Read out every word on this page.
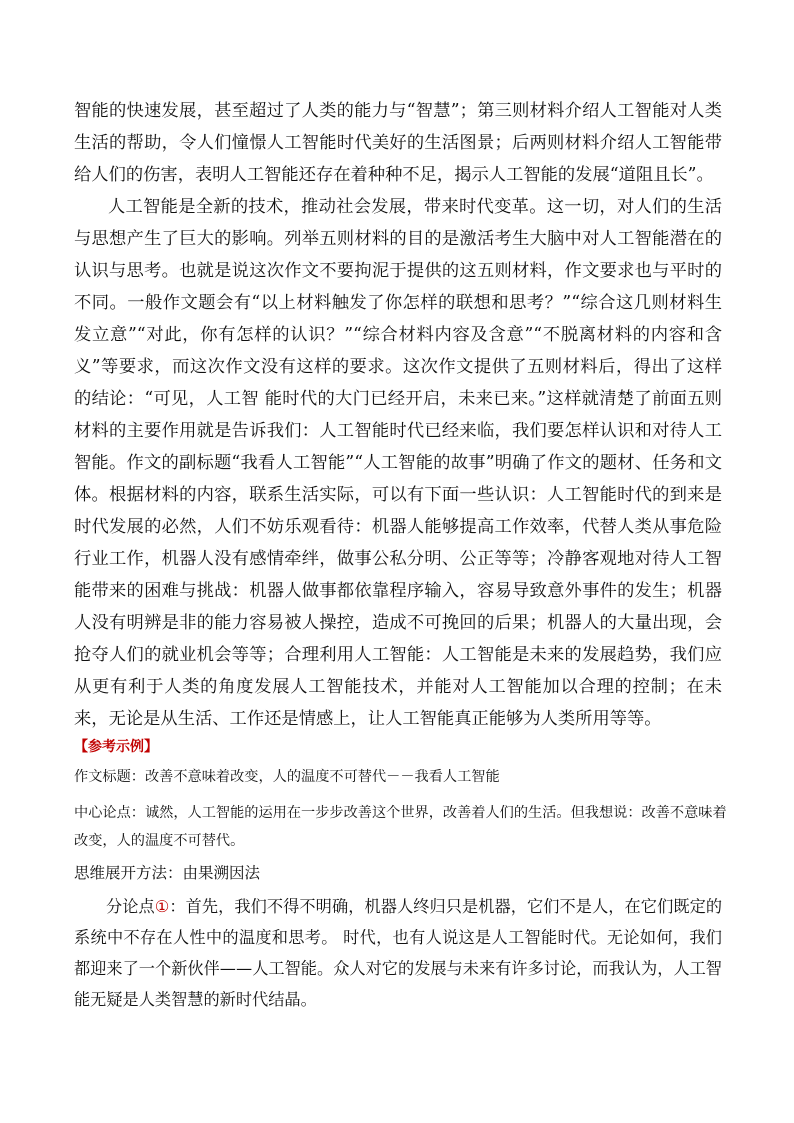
智能的快速发展，甚至超过了人类的能力与“智慧”；第三则材料介绍人工智能对人类生活的帮助，令人们憧憬人工智能时代美好的生活图景；后两则材料介绍人工智能带给人们的伤害，表明人工智能还存在着种种不足，揭示人工智能的发展“道阻且长”。

人工智能是全新的技术，推动社会发展，带来时代变革。这一切，对人们的生活与思想产生了巨大的影响。列举五则材料的目的是激活考生大脑中对人工智能潜在的认识与思考。也就是说这次作文不要拘泥于提供的这五则材料，作文要求也与平时的不同。一般作文题会有“以上材料触发了你怎样的联想和思考？”“综合这几则材料生发立意”“对此，你有怎样的认识？”“综合材料内容及含意”“不脱离材料的内容和含义”等要求，而这次作文没有这样的要求。这次作文提供了五则材料后，得出了这样的结论：“可见，人工智 能时代的大门已经开启，未来已来。”这样就清楚了前面五则材料的主要作用就是告诉我们：人工智能时代已经来临，我们要怎样认识和对待人工智能。作文的副标题“我看人工智能”“人工智能的故事”明确了作文的题材、任务和文体。根据材料的内容，联系生活实际，可以有下面一些认识：人工智能时代的到来是时代发展的必然，人们不妨乐观看待：机器人能够提高工作效率，代替人类从事危险行业工作，机器人没有感情牵绊，做事公私分明、公正等等；冷静客观地对待人工智能带来的困难与挑战：机器人做事都依靠程序输入，容易导致意外事件的发生；机器人没有明辨是非的能力容易被人操控，造成不可挽回的后果；机器人的大量出现，会抢夺人们的就业机会等等；合理利用人工智能：人工智能是未来的发展趋势，我们应从更有利于人类的角度发展人工智能技术，并能对人工智能加以合理的控制；在未来，无论是从生活、工作还是情感上，让人工智能真正能够为人类所用等等。

【参考示例】
作文标题：改善不意味着改变，人的温度不可替代－－我看人工智能
中心论点：诚然，人工智能的运用在一步步改善这个世界，改善着人们的生活。但我想说：改善不意味着
改变，人的温度不可替代。
思维展开方法：由果溯因法

分论点①：首先，我们不得不明确，机器人终归只是机器，它们不是人，在它们既定的系统中不存在人性中的温度和思考。 时代，也有人说这是人工智能时代。无论如何，我们都迎来了一个新伙伴——人工智能。众人对它的发展与未来有许多讨论，而我认为，人工智能无疑是人类智慧的新时代结晶。
